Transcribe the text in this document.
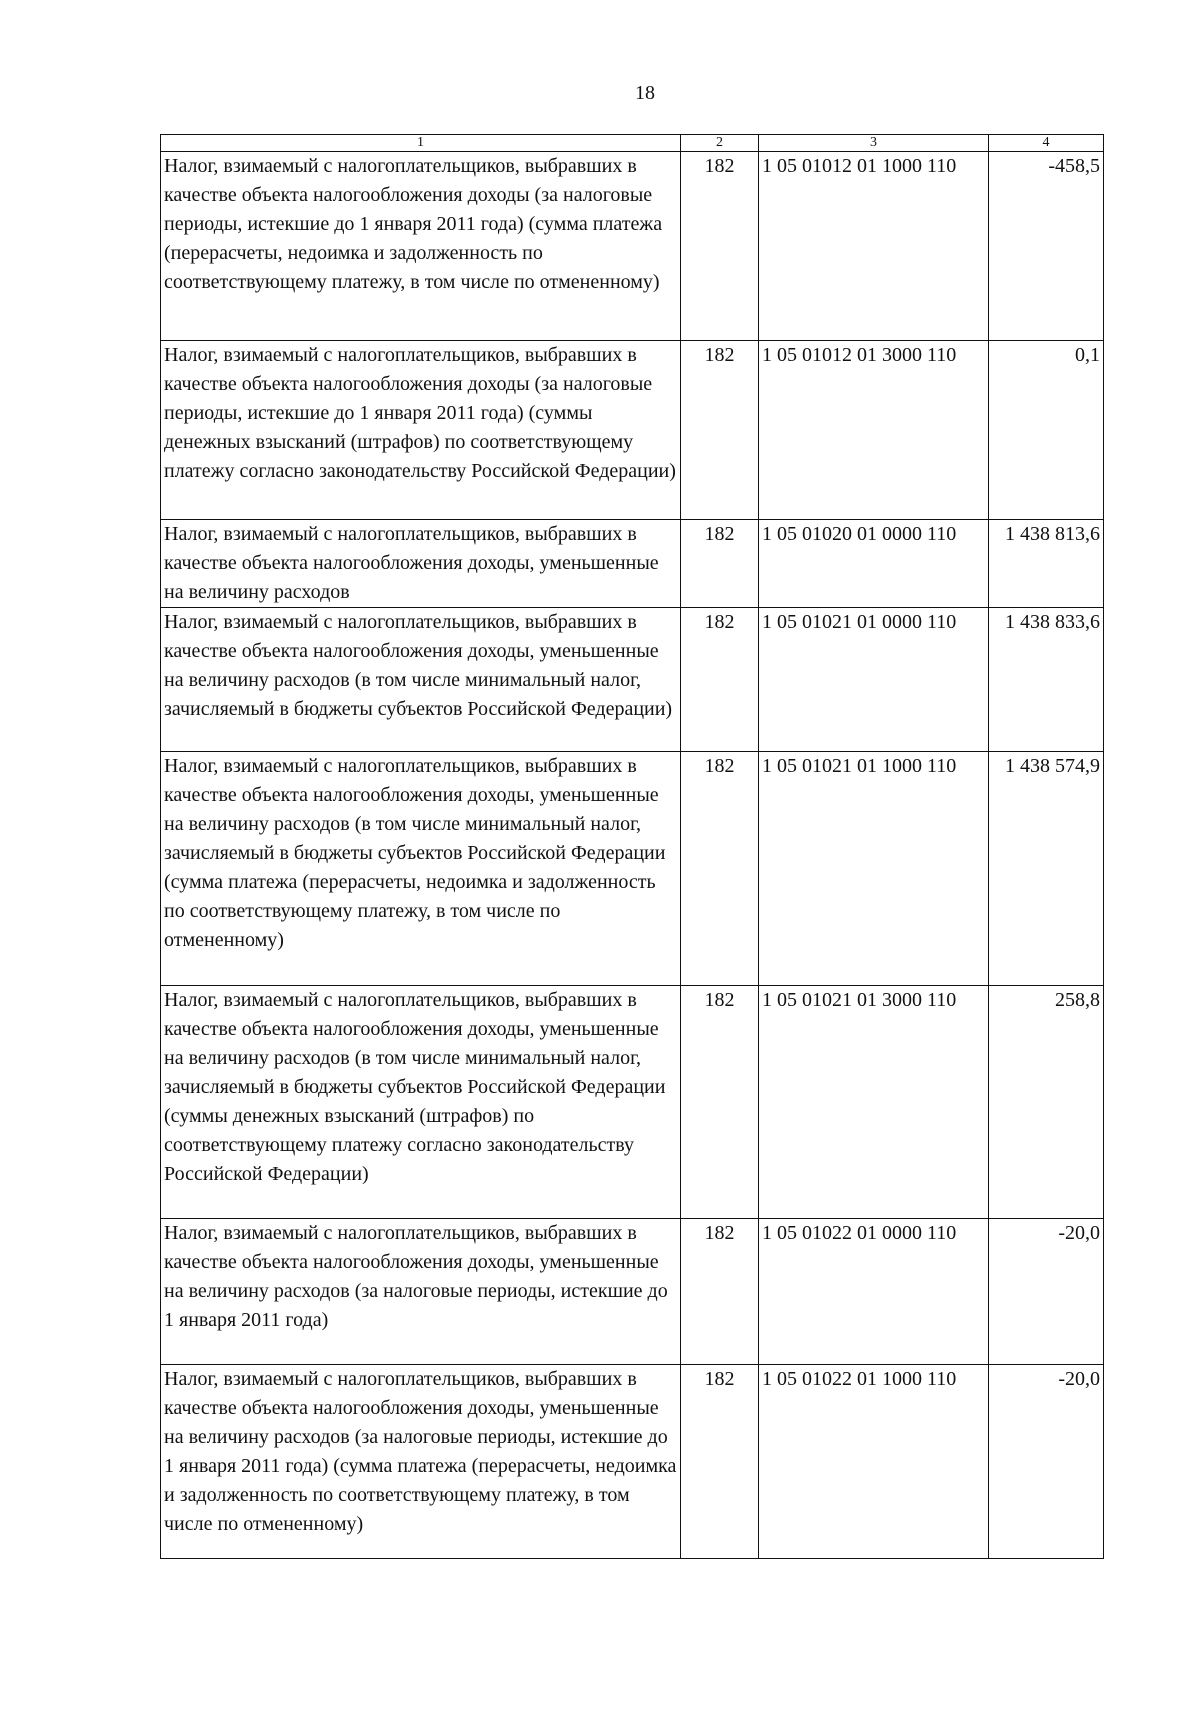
18
1	2	3	4
Налог, взимаемый с налогоплательщиков, выбравших в качестве объекта налогообложения доходы (за налоговые периоды, истекшие до 1 января 2011 года) (сумма платежа (перерасчеты, недоимка и задолженность по соответствующему платежу, в том числе по отмененному)	182	1 05 01012 01 1000 110	-458,5
Налог, взимаемый с налогоплательщиков, выбравших в качестве объекта налогообложения доходы (за налоговые периоды, истекшие до 1 января 2011 года) (суммы денежных взысканий (штрафов) по соответствующему платежу согласно законодательству Российской Федерации)	182	1 05 01012 01 3000 110	0,1
Налог, взимаемый с налогоплательщиков, выбравших в качестве объекта налогообложения доходы, уменьшенные на величину расходов	182	1 05 01020 01 0000 110	1 438 813,6
Налог, взимаемый с налогоплательщиков, выбравших в качестве объекта налогообложения доходы, уменьшенные на величину расходов (в том числе минимальный налог, зачисляемый в бюджеты субъектов Российской Федерации)	182	1 05 01021 01 0000 110	1 438 833,6
Налог, взимаемый с налогоплательщиков, выбравших в качестве объекта налогообложения доходы, уменьшенные на величину расходов (в том числе минимальный налог, зачисляемый в бюджеты субъектов Российской Федерации (сумма платежа (перерасчеты, недоимка и задолженность по соответствующему платежу, в том числе по отмененному)	182	1 05 01021 01 1000 110	1 438 574,9
Налог, взимаемый с налогоплательщиков, выбравших в качестве объекта налогообложения доходы, уменьшенные на величину расходов (в том числе минимальный налог, зачисляемый в бюджеты субъектов Российской Федерации (суммы денежных взысканий (штрафов) по соответствующему платежу согласно законодательству Российской Федерации)	182	1 05 01021 01 3000 110	258,8
Налог, взимаемый с налогоплательщиков, выбравших в качестве объекта налогообложения доходы, уменьшенные на величину расходов (за налоговые периоды, истекшие до 1 января 2011 года)	182	1 05 01022 01 0000 110	-20,0
Налог, взимаемый с налогоплательщиков, выбравших в качестве объекта налогообложения доходы, уменьшенные на величину расходов (за налоговые периоды, истекшие до 1 января 2011 года) (сумма платежа (перерасчеты, недоимка и задолженность по соответствующему платежу, в том числе по отмененному)	182	1 05 01022 01 1000 110	-20,0
